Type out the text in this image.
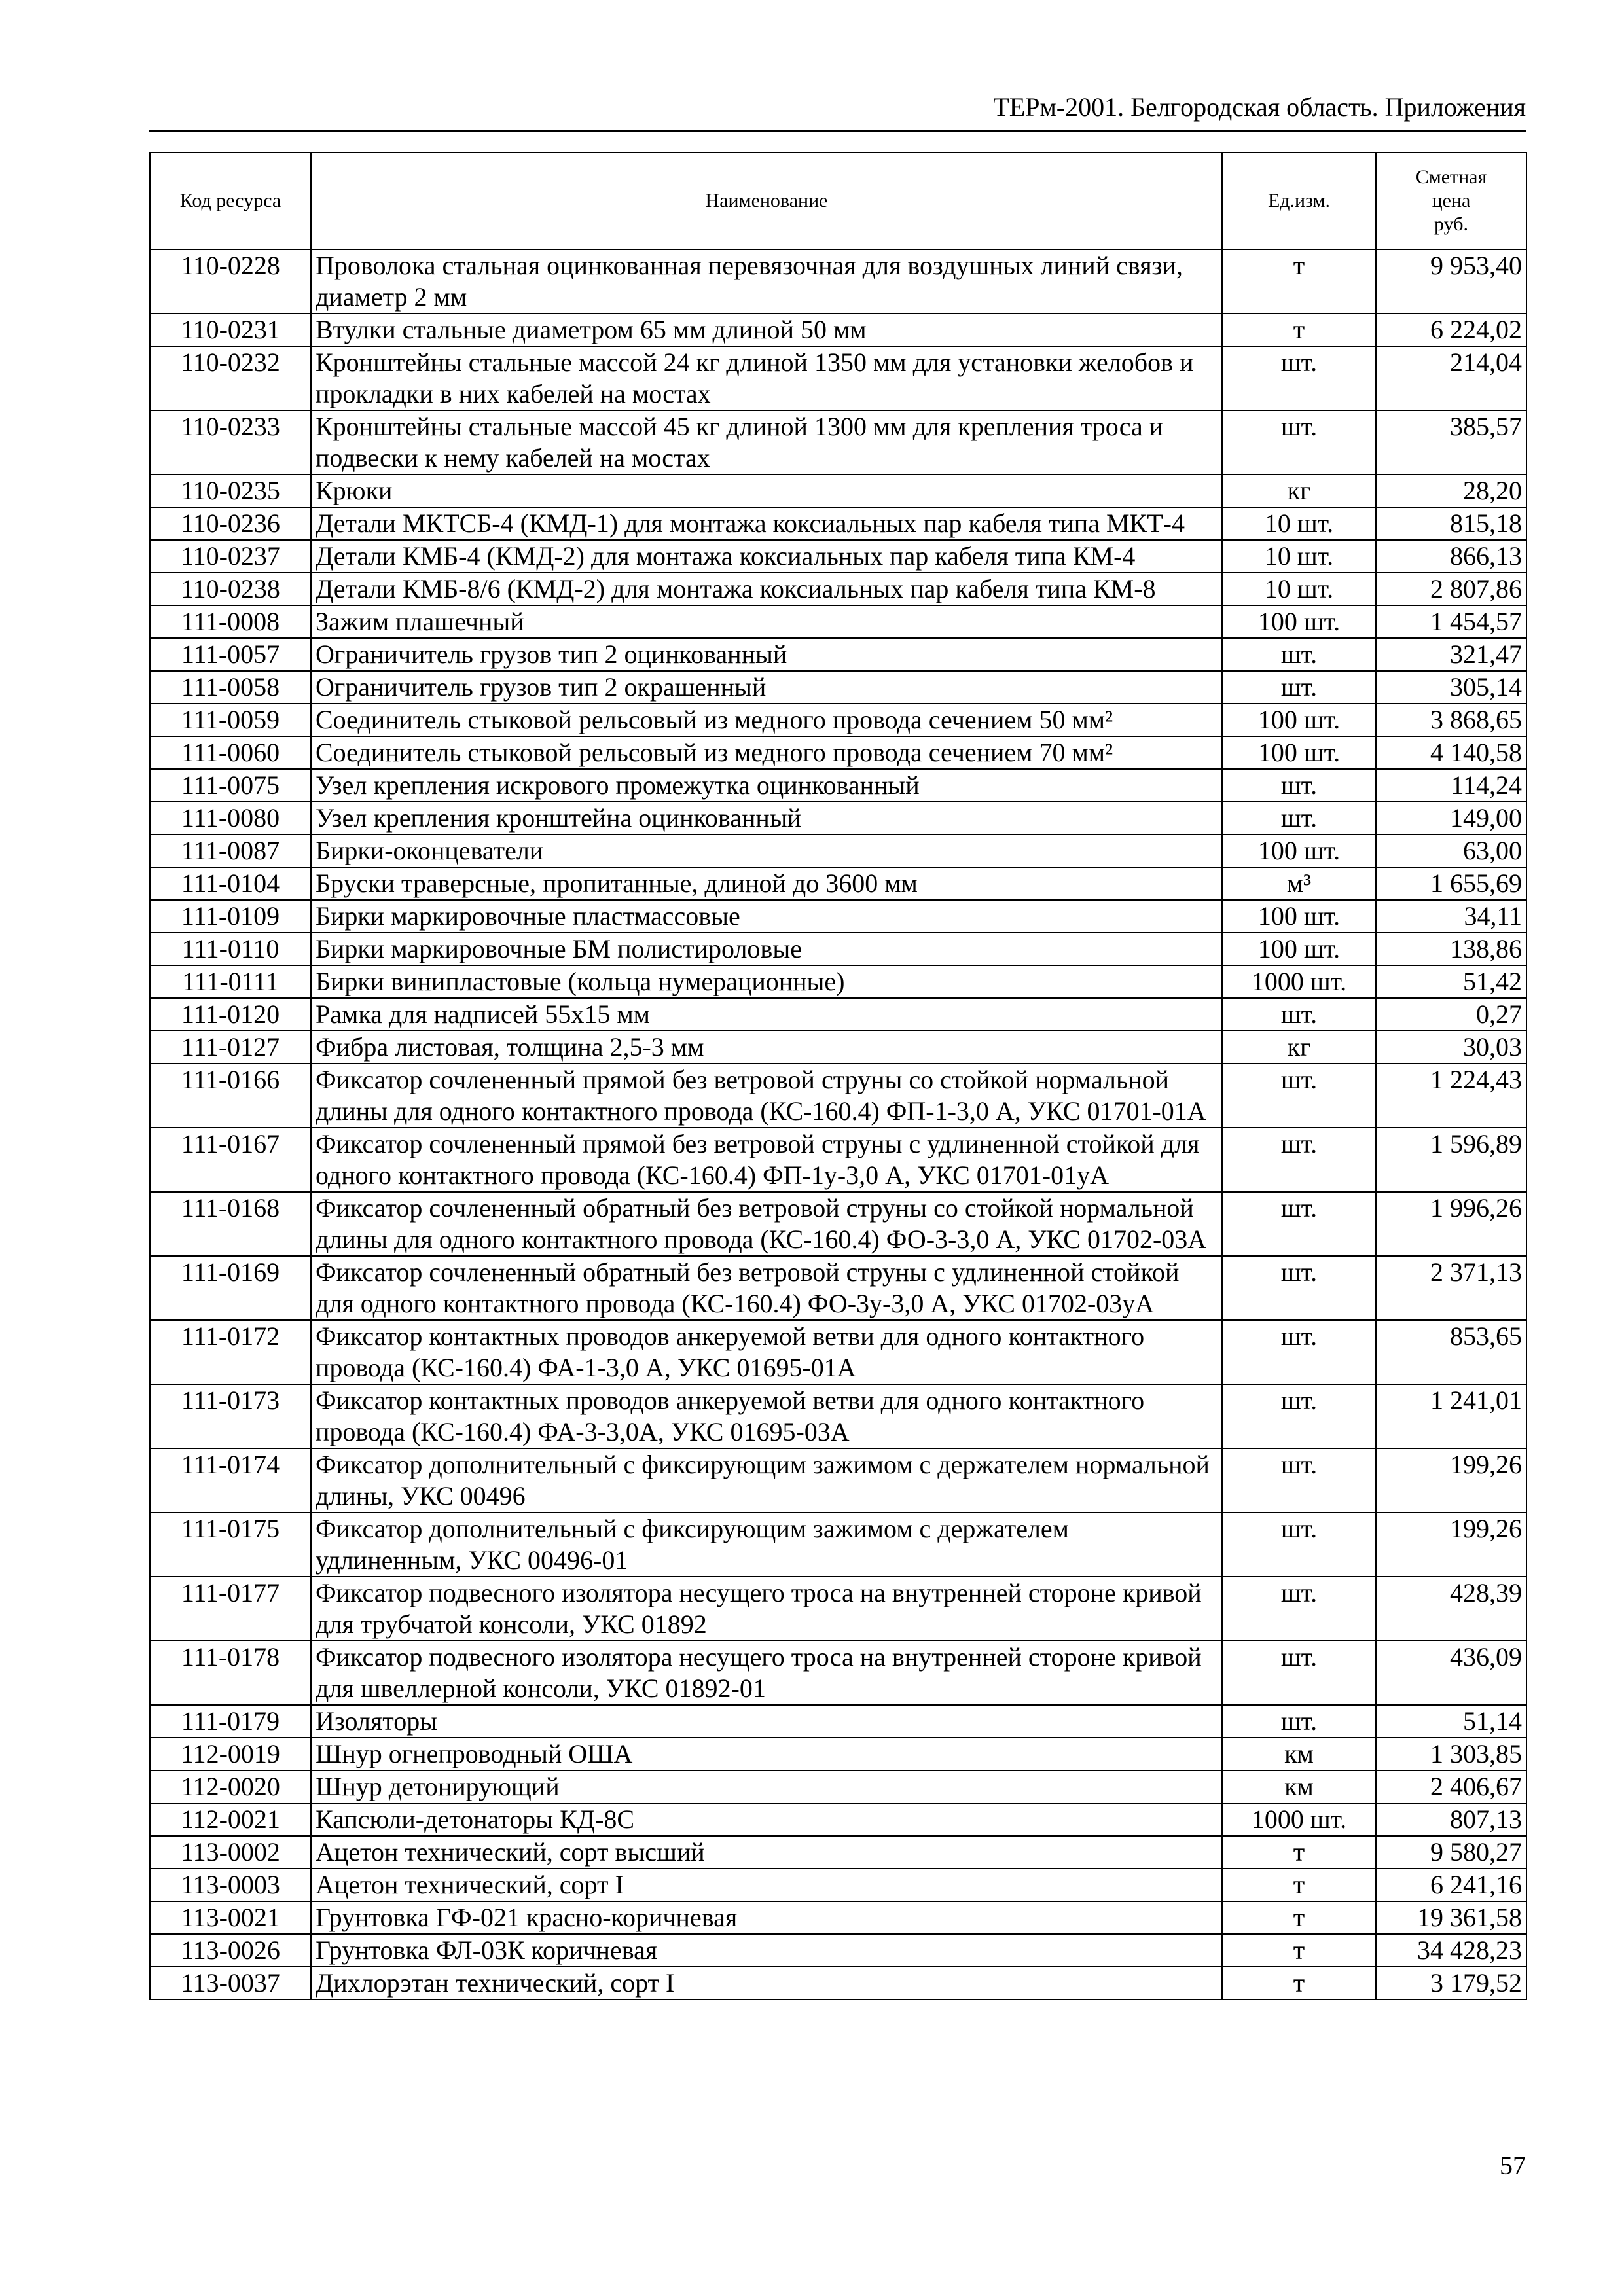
ТЕРм-2001. Белгородская область. Приложения
Код ресурса	Наименование	Ед.изм.	Сметная
цена
руб.

110-0228	Проволока стальная оцинкованная перевязочная для воздушных линий связи, диаметр 2 мм	т	9 953,40
110-0231	Втулки стальные диаметром 65 мм длиной 50 мм	т	6 224,02
110-0232	Кронштейны стальные массой 24 кг длиной 1350 мм для установки желобов и прокладки в них кабелей на мостах	шт.	214,04
110-0233	Кронштейны стальные массой 45 кг длиной 1300 мм для крепления троса и подвески к нему кабелей на мостах	шт.	385,57
110-0235	Крюки	кг	28,20
110-0236	Детали МКТСБ-4 (КМД-1) для монтажа коксиальных пар кабеля типа МКТ-4	10 шт.	815,18
110-0237	Детали КМБ-4 (КМД-2) для монтажа коксиальных пар кабеля типа КМ-4	10 шт.	866,13
110-0238	Детали КМБ-8/6 (КМД-2) для монтажа коксиальных пар кабеля типа КМ-8	10 шт.	2 807,86
111-0008	Зажим плашечный	100 шт.	1 454,57
111-0057	Ограничитель грузов тип 2 оцинкованный	шт.	321,47
111-0058	Ограничитель грузов тип 2 окрашенный	шт.	305,14
111-0059	Соединитель стыковой рельсовый из медного провода сечением 50 мм²	100 шт.	3 868,65
111-0060	Соединитель стыковой рельсовый из медного провода сечением 70 мм²	100 шт.	4 140,58
111-0075	Узел крепления искрового промежутка оцинкованный	шт.	114,24
111-0080	Узел крепления кронштейна оцинкованный	шт.	149,00
111-0087	Бирки-оконцеватели	100 шт.	63,00
111-0104	Бруски траверсные, пропитанные, длиной до 3600 мм	м³	1 655,69
111-0109	Бирки маркировочные пластмассовые	100 шт.	34,11
111-0110	Бирки маркировочные БМ полистироловые	100 шт.	138,86
111-0111	Бирки винипластовые (кольца нумерационные)	1000 шт.	51,42
111-0120	Рамка для надписей 55х15 мм	шт.	0,27
111-0127	Фибра листовая, толщина 2,5-3 мм	кг	30,03
111-0166	Фиксатор сочлененный прямой без ветровой струны со стойкой нормальной длины для одного контактного провода (КС-160.4) ФП-1-3,0 А, УКС 01701-01А	шт.	1 224,43
111-0167	Фиксатор сочлененный прямой без ветровой струны с удлиненной стойкой для одного контактного провода (КС-160.4) ФП-1у-3,0 А, УКС 01701-01уА	шт.	1 596,89
111-0168	Фиксатор сочлененный обратный без ветровой струны со стойкой нормальной длины для одного контактного провода (КС-160.4) ФО-3-3,0 А, УКС 01702-03А	шт.	1 996,26
111-0169	Фиксатор сочлененный обратный без ветровой струны с удлиненной стойкой для одного контактного провода (КС-160.4) ФО-3у-3,0 А, УКС 01702-03уА	шт.	2 371,13
111-0172	Фиксатор контактных проводов анкеруемой ветви для одного контактного провода (КС-160.4) ФА-1-3,0 А, УКС 01695-01А	шт.	853,65
111-0173	Фиксатор контактных проводов анкеруемой ветви для одного контактного провода (КС-160.4) ФА-3-3,0А, УКС 01695-03А	шт.	1 241,01
111-0174	Фиксатор дополнительный с фиксирующим зажимом с держателем нормальной длины, УКС 00496	шт.	199,26
111-0175	Фиксатор дополнительный с фиксирующим зажимом с держателем удлиненным, УКС 00496-01	шт.	199,26
111-0177	Фиксатор подвесного изолятора несущего троса на внутренней стороне кривой для трубчатой консоли, УКС 01892	шт.	428,39
111-0178	Фиксатор подвесного изолятора несущего троса на внутренней стороне кривой для швеллерной консоли, УКС 01892-01	шт.	436,09
111-0179	Изоляторы	шт.	51,14
112-0019	Шнур огнепроводный ОША	км	1 303,85
112-0020	Шнур детонирующий	км	2 406,67
112-0021	Капсюли-детонаторы КД-8С	1000 шт.	807,13
113-0002	Ацетон технический, сорт высший	т	9 580,27
113-0003	Ацетон технический, сорт I	т	6 241,16
113-0021	Грунтовка ГФ-021 красно-коричневая	т	19 361,58
113-0026	Грунтовка ФЛ-03К коричневая	т	34 428,23
113-0037	Дихлорэтан технический, сорт I	т	3 179,52
57
